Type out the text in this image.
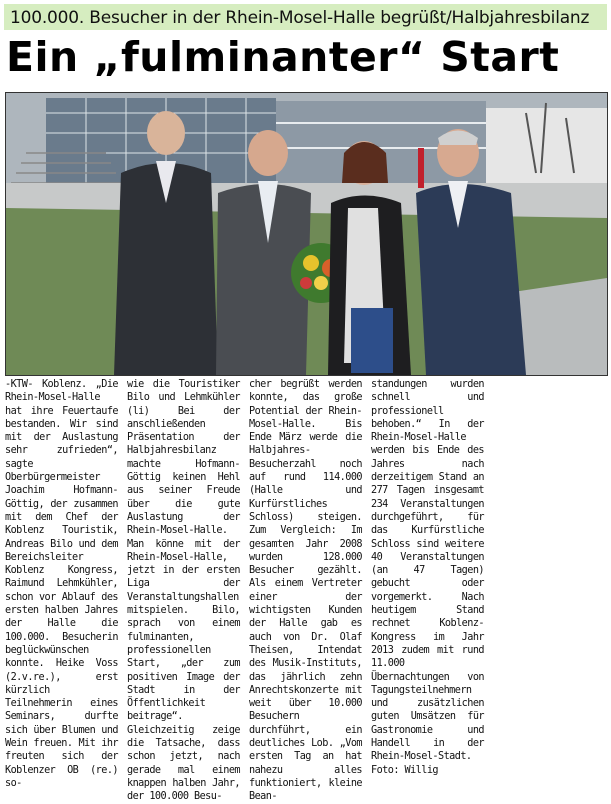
100.000. Besucher in der Rhein-Mosel-Halle begrüßt/Halbjahresbilanz
Ein „fulminanter“ Start

-KTW- Koblenz. „Die Rhein-Mosel-Halle hat ihre Feuertaufe bestanden. Wir sind mit der Auslastung sehr zufrieden“, sagte Oberbürgermeister Joachim Hofmann-Göttig, der zusammen mit dem Chef der Koblenz Touristik, Andreas Bilo und dem Bereichsleiter Koblenz Kongress, Raimund Lehmkühler, schon vor Ablauf des ersten halben Jahres der Halle die 100.000. Besucherin beglückwünschen konnte. Heike Voss (2.v.re.), erst kürzlich Teilnehmerin eines Seminars, durfte sich über Blumen und Wein freuen. Mit ihr freuten sich der Koblenzer OB (re.) so-

wie die Touristiker Bilo und Lehmkühler (li) Bei der anschließenden Präsentation der Halbjahresbilanz machte Hofmann-Göttig keinen Hehl aus seiner Freude über die gute Auslastung der Rhein-Mosel-Halle. Man könne mit der Rhein-Mosel-Halle, jetzt in der ersten Liga der Veranstaltungshallen mitspielen. Bilo, sprach von einem fulminanten, professionellen Start, „der zum positiven Image der Stadt in der Öffentlichkeit beitrage“. Gleichzeitig zeige die Tatsache, dass schon jetzt, nach gerade mal einem knappen halben Jahr, der 100.000 Besu-

cher begrüßt werden konnte, das große Potential der Rhein-Mosel-Halle. Bis Ende März werde die Halbjahres-Besucherzahl noch auf rund 114.000 (Halle und Kurfürstliches Schloss) steigen. Zum Vergleich: Im gesamten Jahr 2008 wurden 128.000 Besucher gezählt. Als einem Vertreter einer der wichtigsten Kunden der Halle gab es auch von Dr. Olaf Theisen, Intendat des Musik-Instituts, das jährlich zehn Anrechtskonzerte mit weit über 10.000 Besuchern durchführt, ein deutliches Lob. „Vom ersten Tag an hat nahezu alles funktioniert, kleine Bean-

standungen wurden schnell und professionell behoben.“ In der Rhein-Mosel-Halle werden bis Ende des Jahres nach derzeitigem Stand an 277 Tagen insgesamt 234 Veranstaltungen durchgeführt, für das Kurfürstliche Schloss sind weitere 40 Veranstaltungen (an 47 Tagen) gebucht oder vorgemerkt. Nach heutigem Stand rechnet Koblenz-Kongress im Jahr 2013 zudem mit rund 11.000 Übernachtungen von Tagungsteilnehmern und zusätzlichen guten Umsätzen für Gastronomie und Handell in der Rhein-Mosel-Stadt. Foto: Willig
